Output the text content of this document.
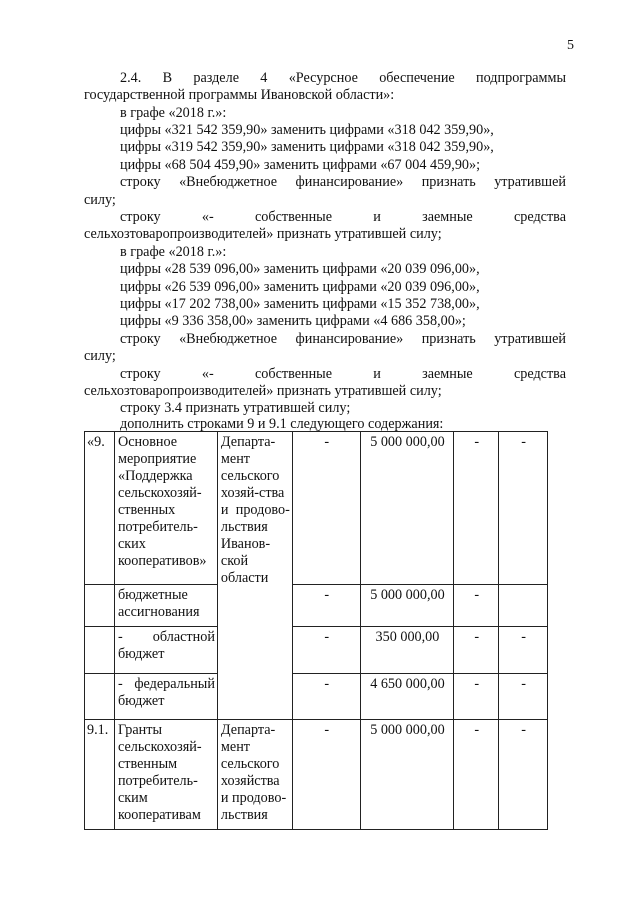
5
2.4. В разделе 4 «Ресурсное обеспечение подпрограммы
государственной программы Ивановской области»:
в графе «2018 г.»:
цифры «321 542 359,90» заменить цифрами «318 042 359,90»,
цифры «319 542 359,90» заменить цифрами «318 042 359,90»,
цифры «68 504 459,90» заменить цифрами «67 004 459,90»;
строку «Внебюджетное финансирование» признать утратившей
силу;
строку «- собственные и заемные средства
сельхозтоваропроизводителей» признать утратившей силу;
в графе «2018 г.»:
цифры «28 539 096,00» заменить цифрами «20 039 096,00»,
цифры «26 539 096,00» заменить цифрами «20 039 096,00»,
цифры «17 202 738,00» заменить цифрами «15 352 738,00»,
цифры «9 336 358,00» заменить цифрами «4 686 358,00»;
строку «Внебюджетное финансирование» признать утратившей
силу;
строку «- собственные и заемные средства
сельхозтоваропроизводителей» признать утратившей силу;
строку 3.4 признать утратившей силу;
дополнить строками 9 и 9.1 следующего содержания:
«9.	Основное мероприятие «Поддержка сельскохозяй-ственных потребитель-ских кооперативов»	Департа-мент сельского хозяй-ства и продово-льствия Иванов-ской области	-	5 000 000,00	-	-
	бюджетные ассигнования		-	5 000 000,00	-	
	- областной бюджет		-	350 000,00	-	-
	- федеральный бюджет		-	4 650 000,00	-	-
9.1.	Гранты сельскохозяй-ственным потребитель-ским кооперативам	Департа-мент сельского хозяйства и продово-льствия	-	5 000 000,00	-	-
